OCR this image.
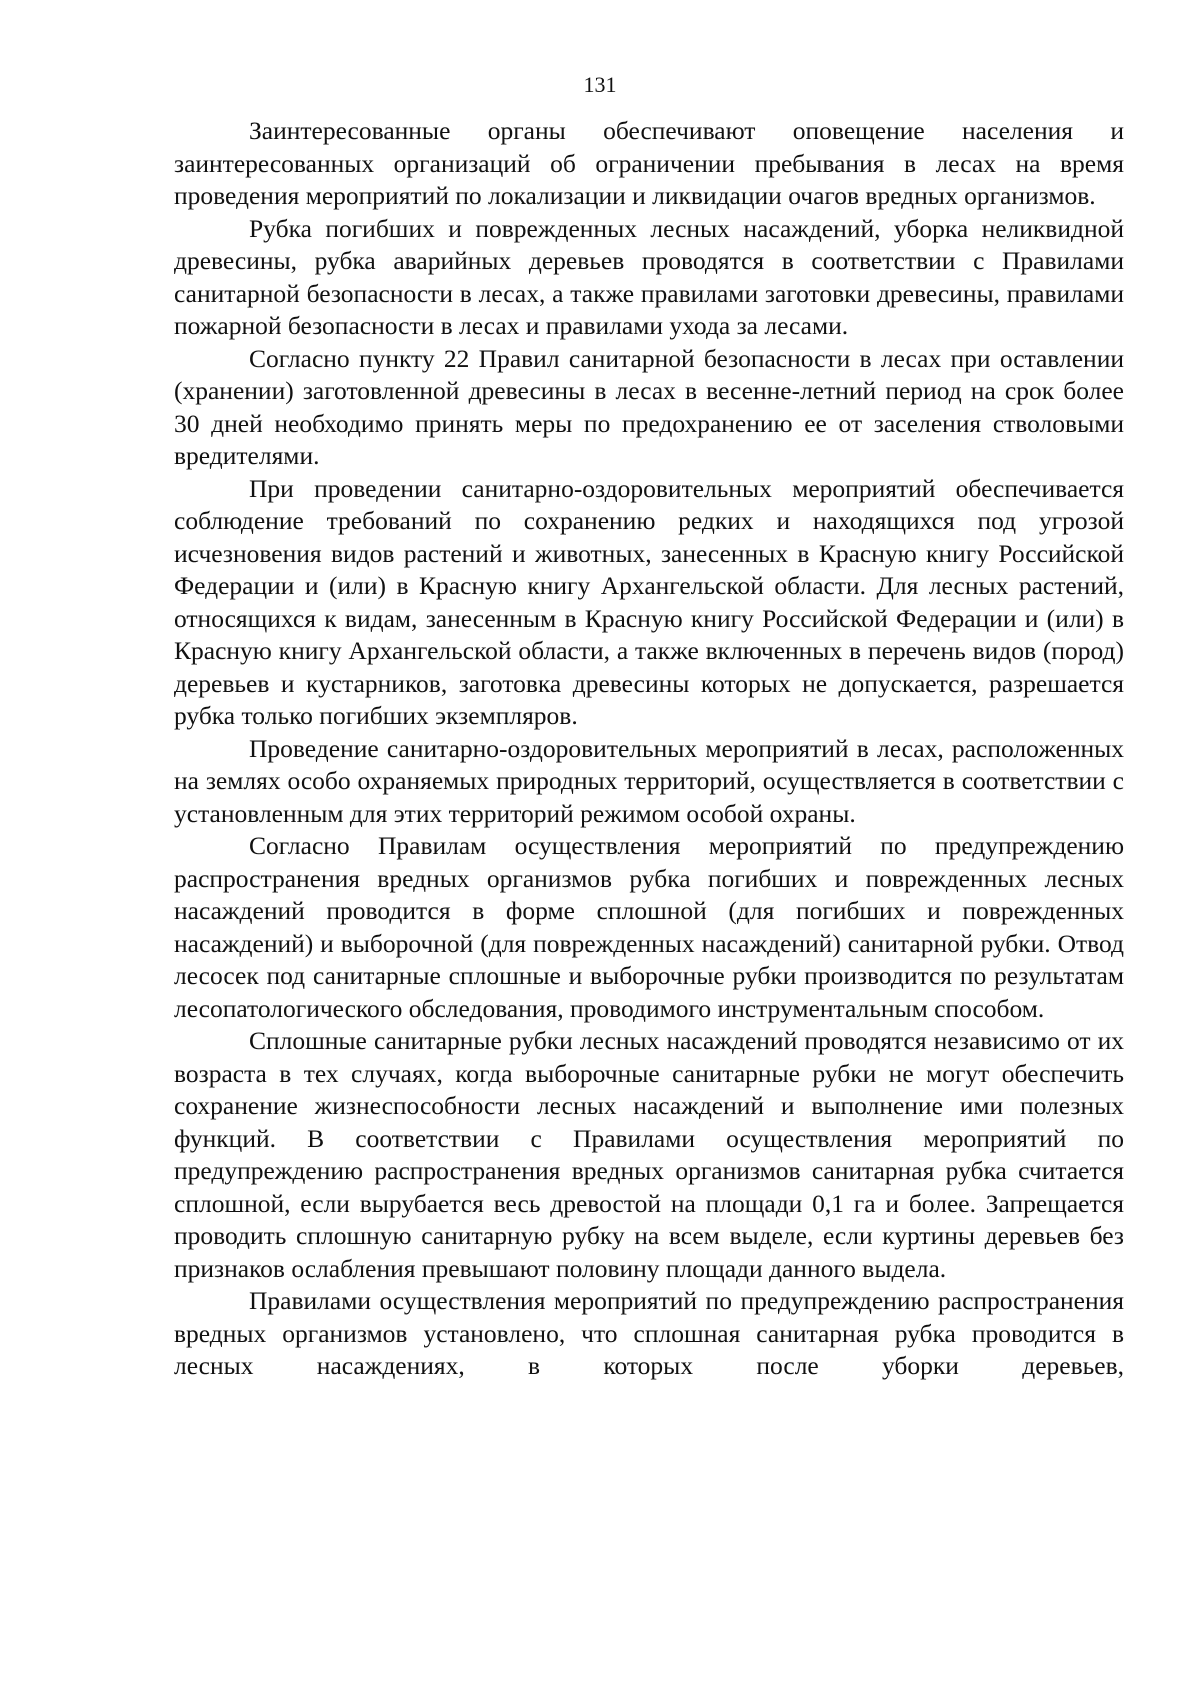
131

Заинтересованные органы обеспечивают оповещение населения и заинтересованных организаций об ограничении пребывания в лесах на время проведения мероприятий по локализации и ликвидации очагов вредных организмов.

Рубка погибших и поврежденных лесных насаждений, уборка неликвидной древесины, рубка аварийных деревьев проводятся в соответствии с Правилами санитарной безопасности в лесах, а также правилами заготовки древесины, правилами пожарной безопасности в лесах и правилами ухода за лесами.

Согласно пункту 22 Правил санитарной безопасности в лесах при оставлении (хранении) заготовленной древесины в лесах в весенне-летний период на срок более 30 дней необходимо принять меры по предохранению ее от заселения стволовыми вредителями.

При проведении санитарно-оздоровительных мероприятий обеспечивается соблюдение требований по сохранению редких и находящихся под угрозой исчезновения видов растений и животных, занесенных в Красную книгу Российской Федерации и (или) в Красную книгу Архангельской области. Для лесных растений, относящихся к видам, занесенным в Красную книгу Российской Федерации и (или) в Красную книгу Архангельской области, а также включенных в перечень видов (пород) деревьев и кустарников, заготовка древесины которых не допускается, разрешается рубка только погибших экземпляров.

Проведение санитарно-оздоровительных мероприятий в лесах, расположенных на землях особо охраняемых природных территорий, осуществляется в соответствии с установленным для этих территорий режимом особой охраны.

Согласно Правилам осуществления мероприятий по предупреждению распространения вредных организмов рубка погибших и поврежденных лесных насаждений проводится в форме сплошной (для погибших и поврежденных насаждений) и выборочной (для поврежденных насаждений) санитарной рубки. Отвод лесосек под санитарные сплошные и выборочные рубки производится по результатам лесопатологического обследования, проводимого инструментальным способом.

Сплошные санитарные рубки лесных насаждений проводятся независимо от их возраста в тех случаях, когда выборочные санитарные рубки не могут обеспечить сохранение жизнеспособности лесных насаждений и выполнение ими полезных функций. В соответствии с Правилами осуществления мероприятий по предупреждению распространения вредных организмов санитарная рубка считается сплошной, если вырубается весь древостой на площади 0,1 га и более. Запрещается проводить сплошную санитарную рубку на всем выделе, если куртины деревьев без признаков ослабления превышают половину площади данного выдела.

Правилами осуществления мероприятий по предупреждению распространения вредных организмов установлено, что сплошная санитарная рубка проводится в лесных насаждениях, в которых после уборки деревьев,
